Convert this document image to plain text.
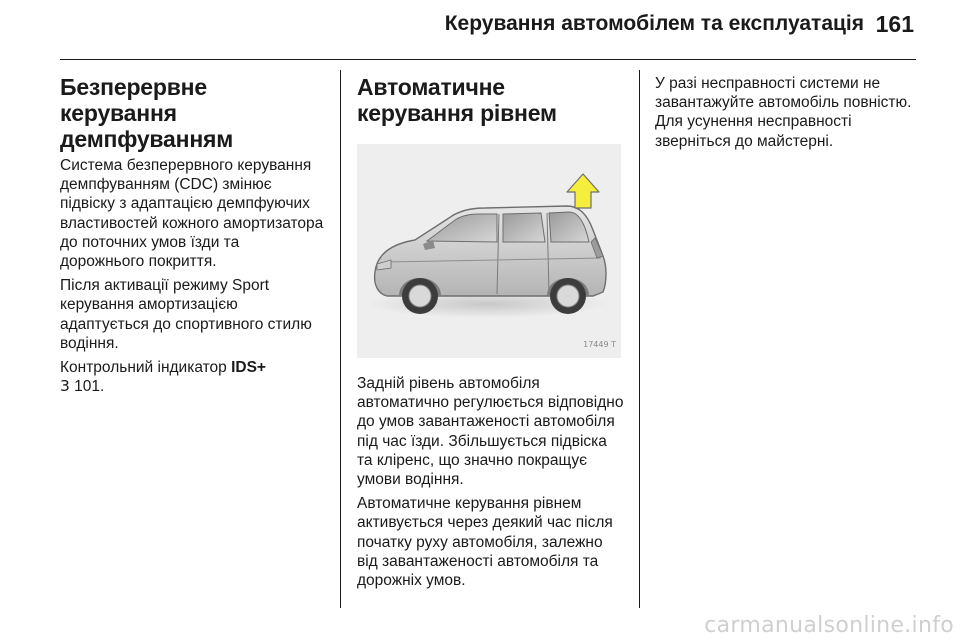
Керування автомобілем та експлуатація 161
Безперервне керування демпфуванням

Система безперервного керування демпфуванням (CDC) змінює підвіску з адаптацією демпфуючих властивостей кожного амортизатора до поточних умов їзди та дорожнього покриття.

Після активації режиму Sport керування амортизацією адаптується до спортивного стилю водіння.

Контрольний індикатор IDS+
3 101.

Автоматичне керування рівнем
17449 T

Задній рівень автомобіля автоматично регулюється відповідно до умов завантаженості автомобіля під час їзди. Збільшується підвіска та кліренс, що значно покращує умови водіння.

Автоматичне керування рівнем активується через деякий час після початку руху автомобіля, залежно від завантаженості автомобіля та дорожніх умов.

У разі несправності системи не завантажуйте автомобіль повністю. Для усунення несправності зверніться до майстерні.

carmanualsonline.info
